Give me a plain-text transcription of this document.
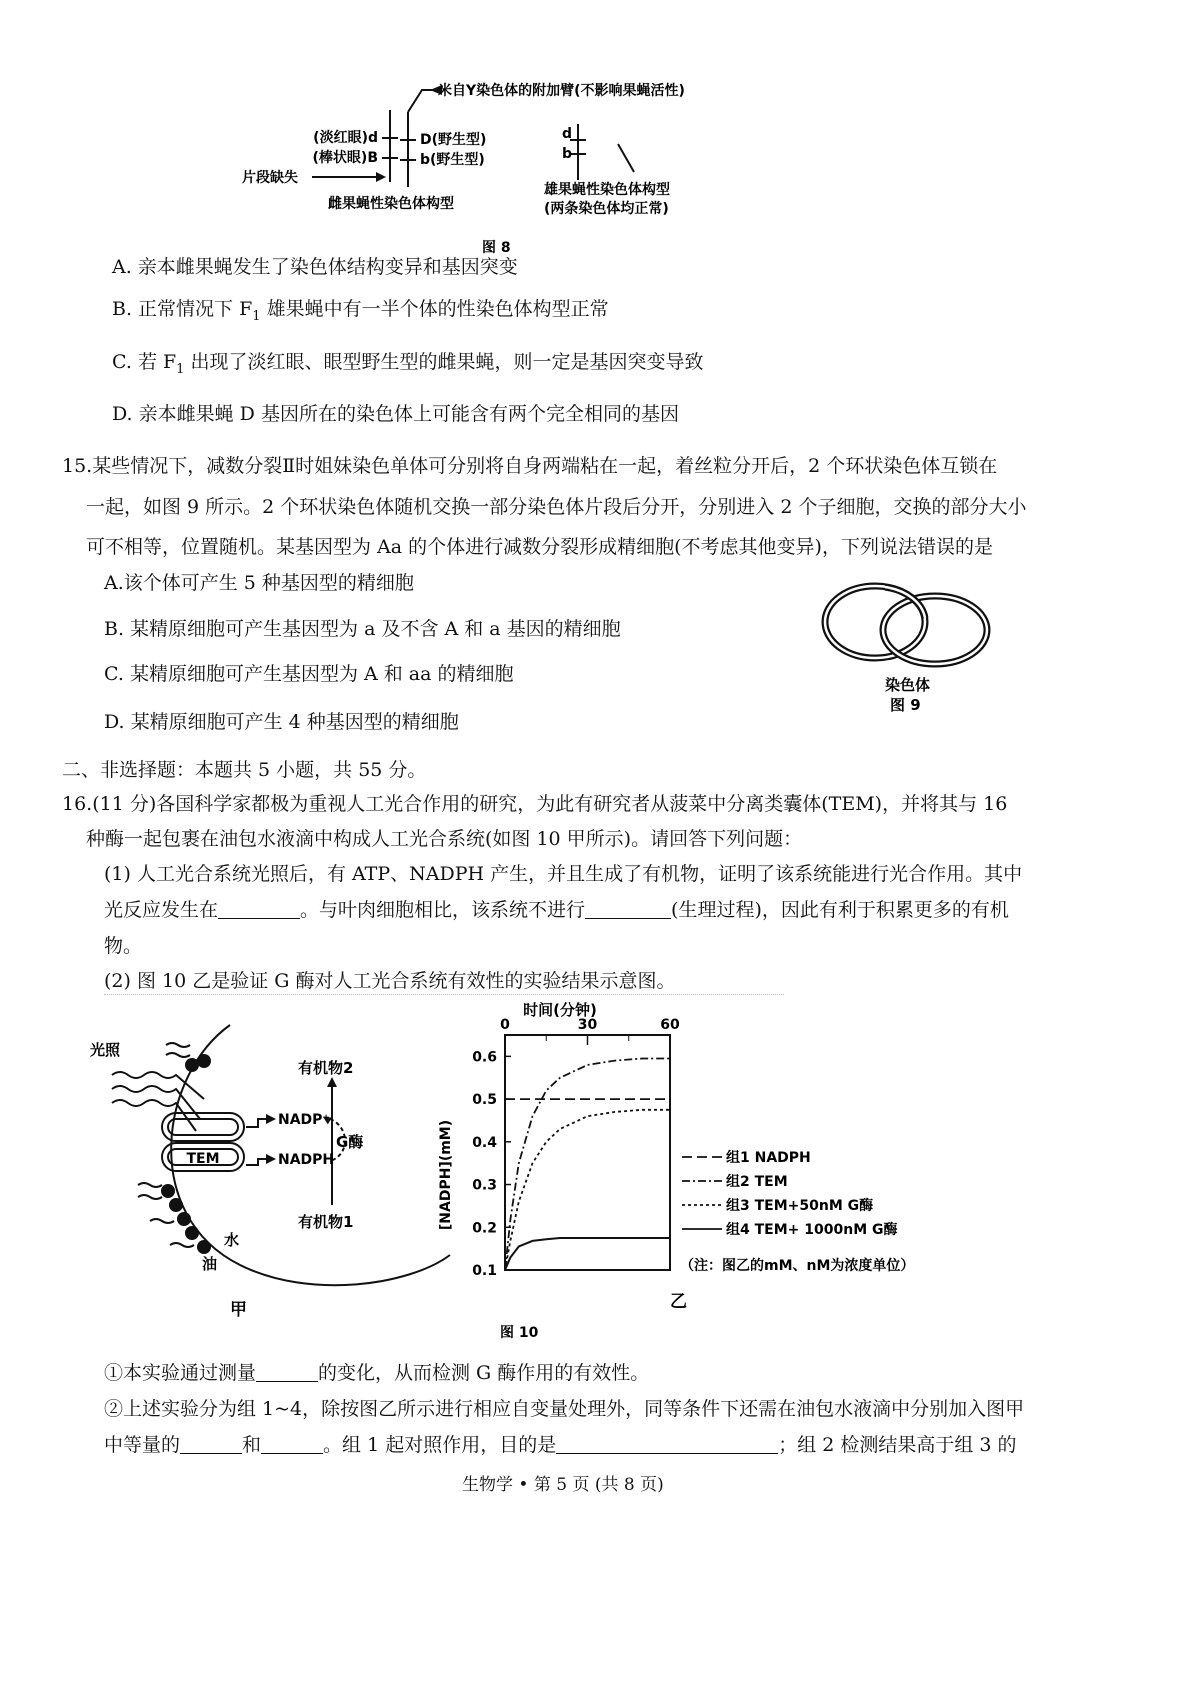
米自Y染色体的附加臂(不影响果蝇活性)
(淡红眼)d
(棒状眼)B
D(野生型)
b(野生型)
片段缺失
雌果蝇性染色体构型
d
b
雄果蝇性染色体构型
(两条染色体均正常)
图 8
A. 亲本雌果蝇发生了染色体结构变异和基因突变
B. 正常情况下 $F_1$ 雄果蝇中有一半个体的性染色体构型正常
C. 若 $F_1$ 出现了淡红眼、眼型野生型的雌果蝇，则一定是基因突变导致
D. 亲本雌果蝇 D 基因所在的染色体上可能含有两个完全相同的基因
15.某些情况下，减数分裂Ⅱ时姐妹染色单体可分别将自身两端粘在一起，着丝粒分开后，2 个环状染色体互锁在
一起，如图 9 所示。2 个环状染色体随机交换一部分染色体片段后分开，分别进入 2 个子细胞，交换的部分大小
可不相等，位置随机。某基因型为 Aa 的个体进行减数分裂形成精细胞(不考虑其他变异)，下列说法错误的是
A.该个体可产生 5 种基因型的精细胞
B. 某精原细胞可产生基因型为 a 及不含 A 和 a 基因的精细胞
C. 某精原细胞可产生基因型为 A 和 aa 的精细胞
D. 某精原细胞可产生 4 种基因型的精细胞
染色体
图 9
二、非选择题：本题共 5 小题，共 55 分。
16.(11 分)各国科学家都极为重视人工光合作用的研究，为此有研究者从菠菜中分离类囊体(TEM)，并将其与 16
种酶一起包裹在油包水液滴中构成人工光合系统(如图 10 甲所示)。请回答下列问题：
(1) 人工光合系统光照后，有 ATP、NADPH 产生，并且生成了有机物，证明了该系统能进行光合作用。其中
光反应发生在	。与叶肉细胞相比，该系统不进行	(生理过程)，因此有利于积累更多的有机
物。
(2) 图 10 乙是验证 G 酶对人工光合系统有效性的实验结果示意图。
光照
TEM
NADP⁺
NADPH
有机物2
有机物1
G酶
水
油
甲
时间(分钟)
[NADPH](mM)
0	30	60
0.1
0.2
0.3
0.4
0.5
0.6
组1 NADPH
组2 TEM
组3 TEM+50nM G酶
组4 TEM+ 1000nM G酶
（注：图乙的mM、nM为浓度单位）
乙
图 10
①本实验通过测量	的变化，从而检测 G 酶作用的有效性。
②上述实验分为组 1~4，除按图乙所示进行相应自变量处理外，同等条件下还需在油包水液滴中分别加入图甲
中等量的	和	。组 1 起对照作用，目的是	；组 2 检测结果高于组 3 的
生物学 • 第 5 页 (共 8 页)
